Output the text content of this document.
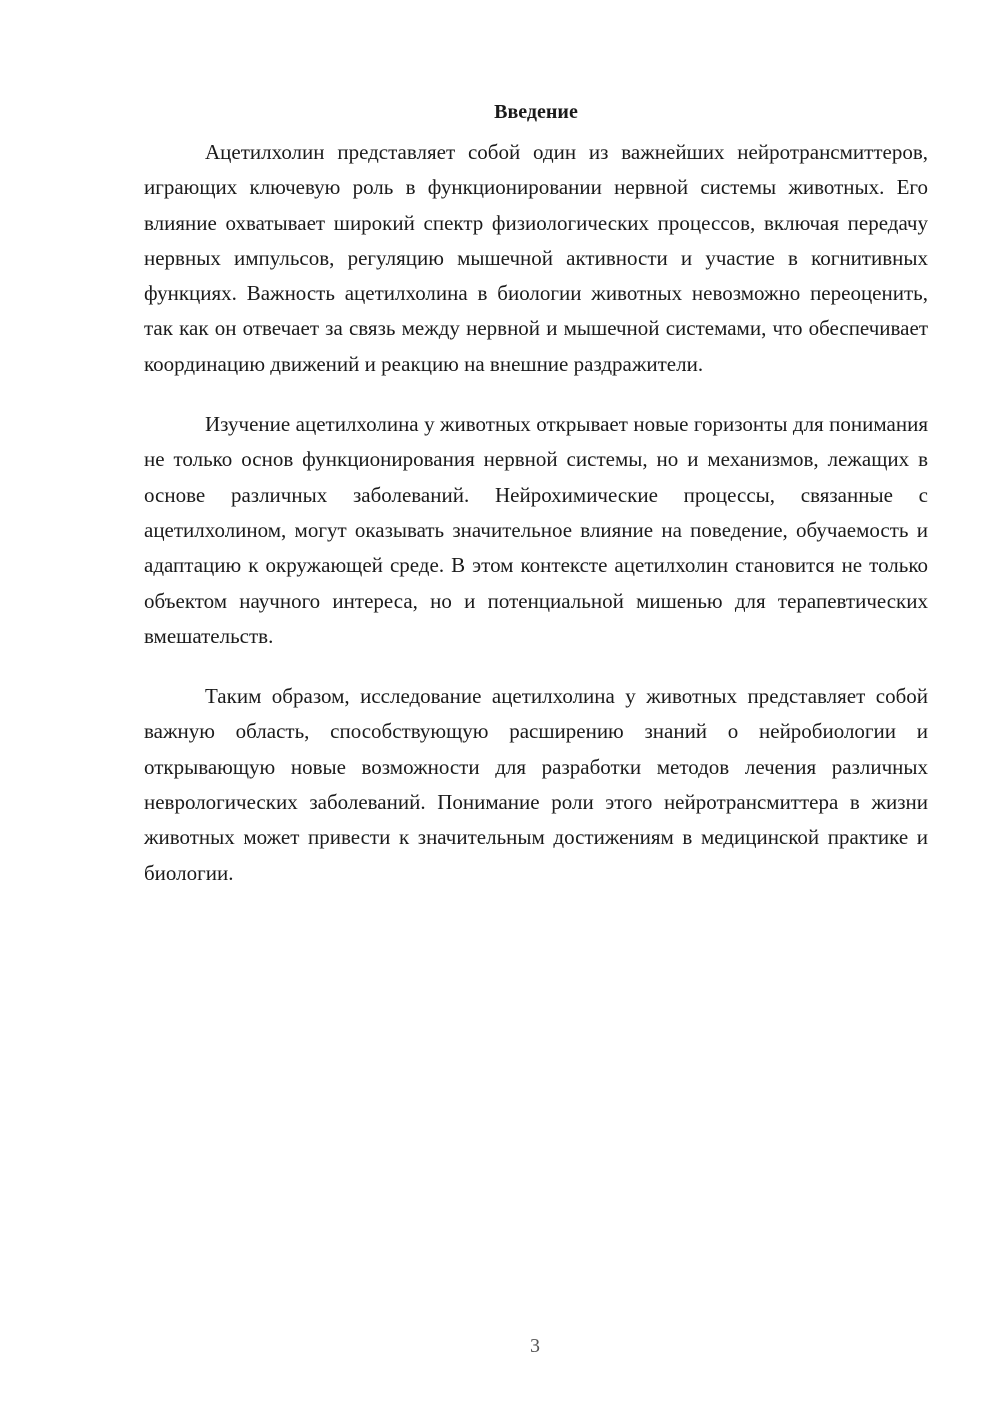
Введение

Ацетилхолин представляет собой один из важнейших нейротрансмиттеров, играющих ключевую роль в функционировании нервной системы животных. Его влияние охватывает широкий спектр физиологических процессов, включая передачу нервных импульсов, регуляцию мышечной активности и участие в когнитивных функциях. Важность ацетилхолина в биологии животных невозможно переоценить, так как он отвечает за связь между нервной и мышечной системами, что обеспечивает координацию движений и реакцию на внешние раздражители.

Изучение ацетилхолина у животных открывает новые горизонты для понимания не только основ функционирования нервной системы, но и механизмов, лежащих в основе различных заболеваний. Нейрохимические процессы, связанные с ацетилхолином, могут оказывать значительное влияние на поведение, обучаемость и адаптацию к окружающей среде. В этом контексте ацетилхолин становится не только объектом научного интереса, но и потенциальной мишенью для терапевтических вмешательств.

Таким образом, исследование ацетилхолина у животных представляет собой важную область, способствующую расширению знаний о нейробиологии и открывающую новые возможности для разработки методов лечения различных неврологических заболеваний. Понимание роли этого нейротрансмиттера в жизни животных может привести к значительным достижениям в медицинской практике и биологии.

3
